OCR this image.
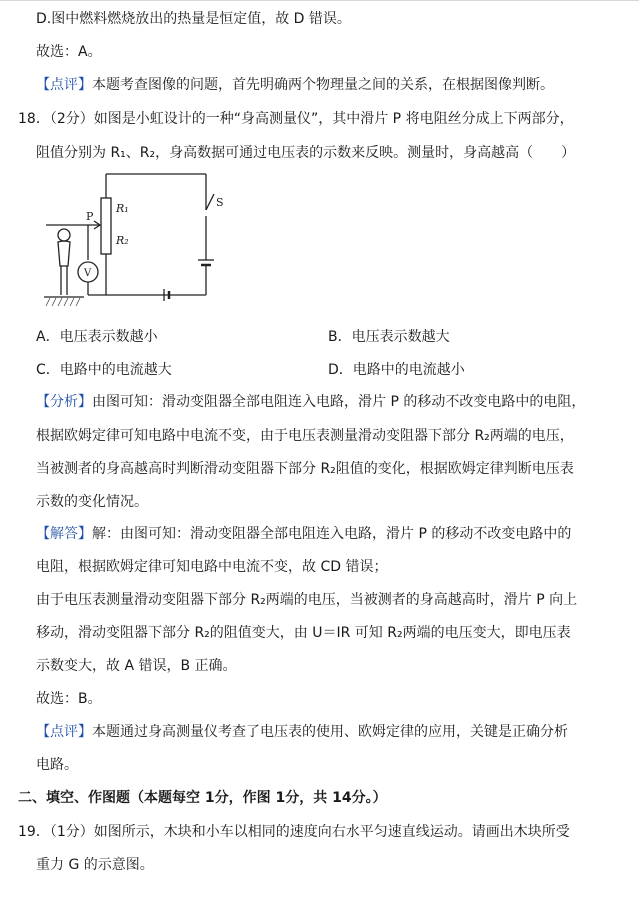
D.图中燃料燃烧放出的热量是恒定值，故 D 错误。
故选：A。
【点评】本题考查图像的问题，首先明确两个物理量之间的关系，在根据图像判断。
18．（2分）如图是小虹设计的一种“身高测量仪”，其中滑片 P 将电阻丝分成上下两部分，
阻值分别为 R₁、R₂，身高数据可通过电压表的示数来反映。测量时，身高越高（　　）
P
R₁
R₂
S
V
A．电压表示数越小	B．电压表示数越大
C．电路中的电流越大	D．电路中的电流越小
【分析】由图可知：滑动变阻器全部电阻连入电路，滑片 P 的移动不改变电路中的电阻，
根据欧姆定律可知电路中电流不变，由于电压表测量滑动变阻器下部分 R₂两端的电压，
当被测者的身高越高时判断滑动变阻器下部分 R₂阻值的变化，根据欧姆定律判断电压表
示数的变化情况。
【解答】解：由图可知：滑动变阻器全部电阻连入电路，滑片 P 的移动不改变电路中的
电阻，根据欧姆定律可知电路中电流不变，故 CD 错误；
由于电压表测量滑动变阻器下部分 R₂两端的电压，当被测者的身高越高时，滑片 P 向上
移动，滑动变阻器下部分 R₂的阻值变大，由 U＝IR 可知 R₂两端的电压变大，即电压表
示数变大，故 A 错误，B 正确。
故选：B。
【点评】本题通过身高测量仪考查了电压表的使用、欧姆定律的应用，关键是正确分析
电路。
二、填空、作图题（本题每空 1分，作图 1分，共 14分。）
19．（1分）如图所示，木块和小车以相同的速度向右水平匀速直线运动。请画出木块所受
重力 G 的示意图。
